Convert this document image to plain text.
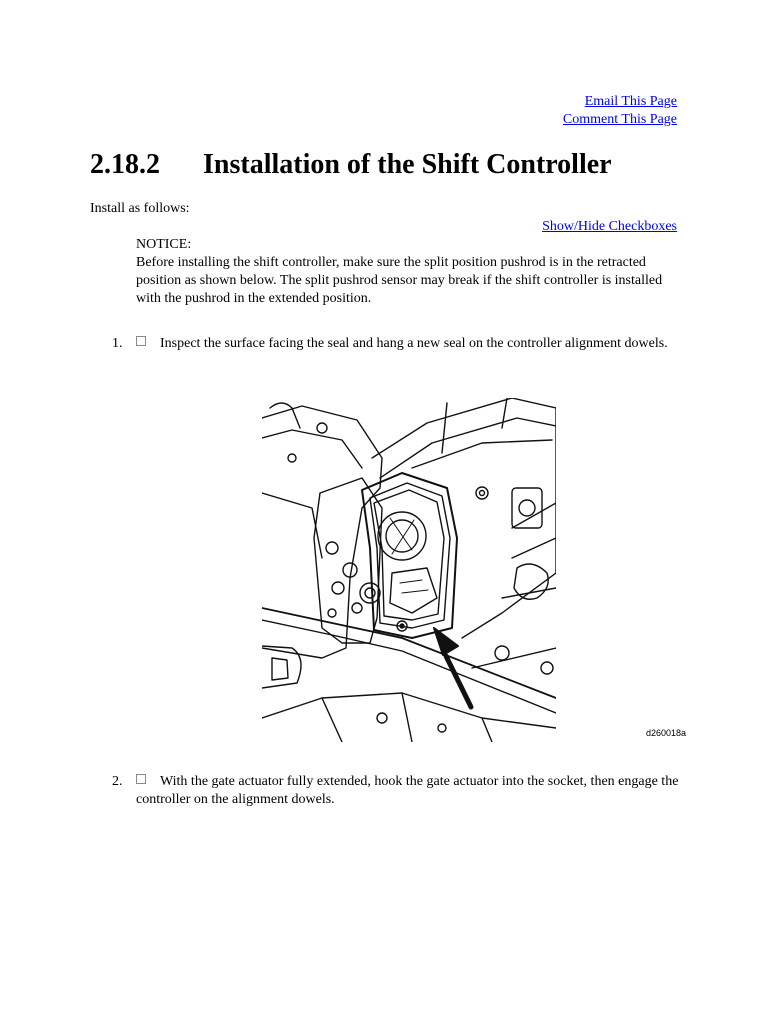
Email This Page
Comment This Page
2.18.2 Installation of the Shift Controller
Install as follows:
Show/Hide Checkboxes
NOTICE:
Before installing the shift controller, make sure the split position pushrod is in the retracted position as shown below. The split pushrod sensor may break if the shift controller is installed with the pushrod in the extended position.
1.	Inspect the surface facing the seal and hang a new seal on the controller alignment dowels.
d260018a
2.	With the gate actuator fully extended, hook the gate actuator into the socket, then engage the controller on the alignment dowels.
